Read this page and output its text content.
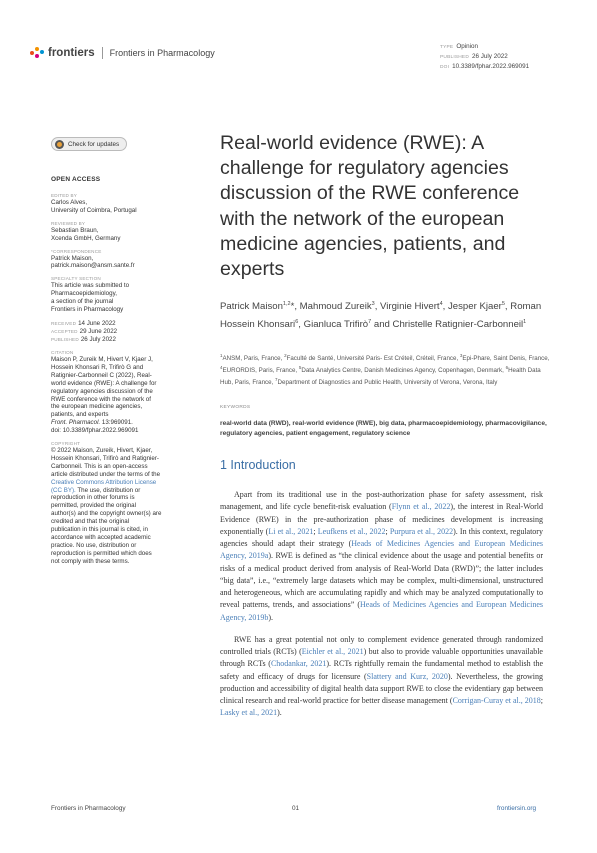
frontiers Frontiers in Pharmacology
TYPE Opinion
PUBLISHED 26 July 2022
DOI 10.3389/fphar.2022.969091
Check for updates
OPEN ACCESS
EDITED BY
Carlos Alves,
University of Coimbra, Portugal
REVIEWED BY
Sebastian Braun,
Xcenda GmbH, Germany
*CORRESPONDENCE
Patrick Maison,
patrick.maison@ansm.sante.fr
SPECIALTY SECTION
This article was submitted to
Pharmacoepidemiology,
a section of the journal
Frontiers in Pharmacology
RECEIVED 14 June 2022
ACCEPTED 29 June 2022
PUBLISHED 26 July 2022
CITATION
Maison P, Zureik M, Hivert V, Kjaer J,
Hossein Khonsari R, Trifirò G and
Ratignier-Carbonneil C (2022), Real-
world evidence (RWE): A challenge for
regulatory agencies discussion of the
RWE conference with the network of
the european medicine agencies,
patients, and experts
Front. Pharmacol. 13:969091.
doi: 10.3389/fphar.2022.969091
COPYRIGHT
© 2022 Maison, Zureik, Hivert, Kjaer,
Hossein Khonsari, Trifirò and Ratignier-
Carbonneil. This is an open-access
article distributed under the terms of the
Creative Commons Attribution License
(CC BY). The use, distribution or
reproduction in other forums is
permitted, provided the original
author(s) and the copyright owner(s) are
credited and that the original
publication in this journal is cited, in
accordance with accepted academic
practice. No use, distribution or
reproduction is permitted which does
not comply with these terms.
Real-world evidence (RWE): A challenge for regulatory agencies discussion of the RWE conference with the network of the european medicine agencies, patients, and experts
Patrick Maison$^{1,2}$*, Mahmoud Zureik$^3$, Virginie Hivert$^4$, Jesper Kjaer$^5$, Roman Hossein Khonsari$^6$, Gianluca Trifirò$^7$ and Christelle Ratignier-Carbonneil$^1$
$^1$ANSM, Paris, France, $^2$Faculté de Santé, Université Paris- Est Créteil, Créteil, France, $^3$Epi-Phare, Saint Denis, France, $^4$EURORDIS, Paris, France, $^5$Data Analytics Centre, Danish Medicines Agency, Copenhagen, Denmark, $^6$Health Data Hub, Paris, France, $^7$Department of Diagnostics and Public Health, University of Verona, Verona, Italy
KEYWORDS
real-world data (RWD), real-world evidence (RWE), big data, pharmacoepidemiology, pharmacovigilance, regulatory agencies, patient engagement, regulatory science
1 Introduction

Apart from its traditional use in the post-authorization phase for safety assessment, risk management, and life cycle benefit-risk evaluation (Flynn et al., 2022), the interest in Real-World Evidence (RWE) in the pre-authorization phase of medicines development is increasing exponentially (Li et al., 2021; Leufkens et al., 2022; Purpura et al., 2022). In this context, regulatory agencies should adapt their strategy (Heads of Medicines Agencies and European Medicines Agency, 2019a). RWE is defined as “the clinical evidence about the usage and potential benefits or risks of a medical product derived from analysis of Real-World Data (RWD)”; the latter includes “big data”, i.e., “extremely large datasets which may be complex, multi-dimensional, unstructured and heterogeneous, which are accumulating rapidly and which may be analyzed computationally to reveal patterns, trends, and associations” (Heads of Medicines Agencies and European Medicines Agency, 2019b).

RWE has a great potential not only to complement evidence generated through randomized controlled trials (RCTs) (Eichler et al., 2021) but also to provide valuable opportunities unavailable through RCTs (Chodankar, 2021). RCTs rightfully remain the fundamental method to establish the safety and efficacy of drugs for licensure (Slattery and Kurz, 2020). Nevertheless, the growing production and accessibility of digital health data support RWE to close the evidentiary gap between clinical research and real-world practice for better disease management (Corrigan-Curay et al., 2018; Lasky et al., 2021).

Frontiers in Pharmacology	01	frontiersin.org
